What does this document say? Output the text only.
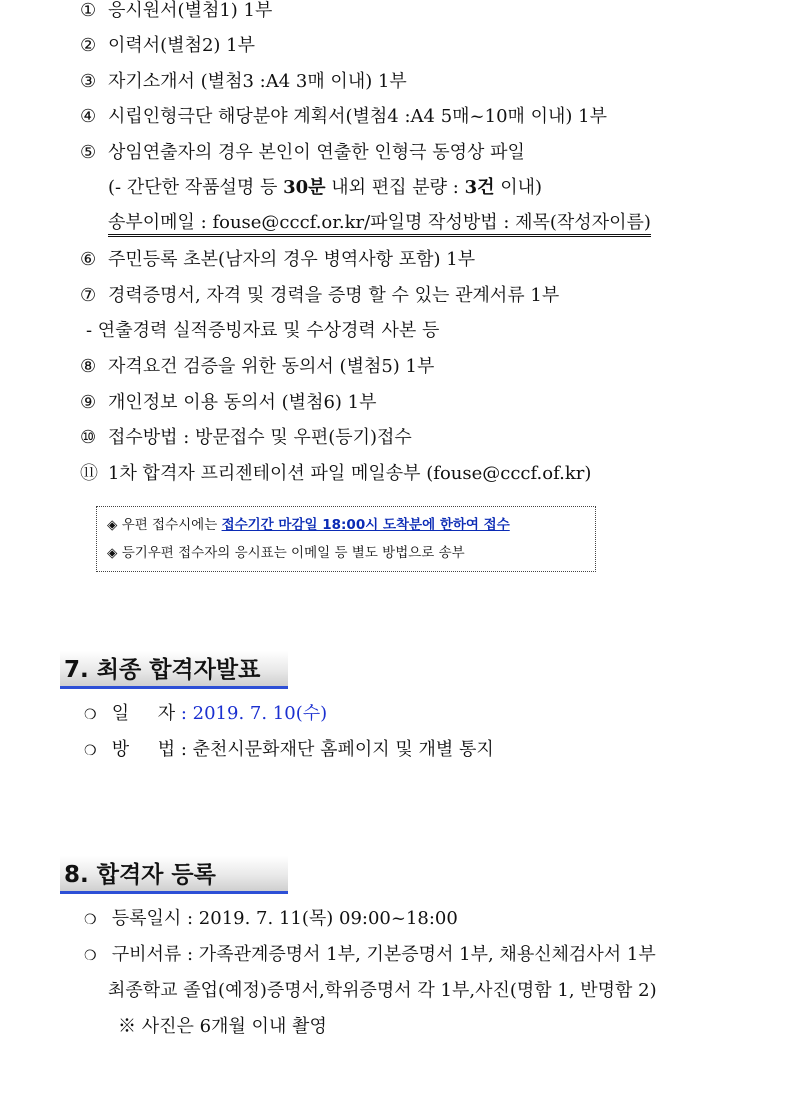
① 응시원서(별첨1) 1부
② 이력서(별첨2) 1부
③ 자기소개서 (별첨3 :A4 3매 이내) 1부
④ 시립인형극단 해당분야 계획서(별첨4 :A4 5매~10매 이내) 1부
⑤ 상임연출자의 경우 본인이 연출한 인형극 동영상 파일
(- 간단한 작품설명 등 30분 내외 편집 분량 : 3건 이내)
송부이메일 : fouse@cccf.or.kr/파일명 작성방법 : 제목(작성자이름)
⑥ 주민등록 초본(남자의 경우 병역사항 포함) 1부
⑦ 경력증명서, 자격 및 경력을 증명 할 수 있는 관계서류 1부
- 연출경력 실적증빙자료 및 수상경력 사본 등
⑧ 자격요건 검증을 위한 동의서 (별첨5) 1부
⑨ 개인정보 이용 동의서 (별첨6) 1부
⑩ 접수방법 : 방문접수 및 우편(등기)접수
⑪ 1차 합격자 프리젠테이션 파일 메일송부 (fouse@cccf.of.kr)
◈ 우편 접수시에는 접수기간 마감일 18:00시 도착분에 한하여 접수
◈ 등기우편 접수자의 응시표는 이메일 등 별도 방법으로 송부
7. 최종 합격자발표
❍ 일     자 : 2019. 7. 10(수)
❍ 방     법 : 춘천시문화재단 홈페이지 및 개별 통지
8. 합격자 등록
❍ 등록일시 : 2019. 7. 11(목) 09:00~18:00
❍ 구비서류 : 가족관계증명서 1부, 기본증명서 1부, 채용신체검사서 1부
최종학교 졸업(예정)증명서,학위증명서 각 1부,사진(명함 1, 반명함 2)
※ 사진은 6개월 이내 촬영
